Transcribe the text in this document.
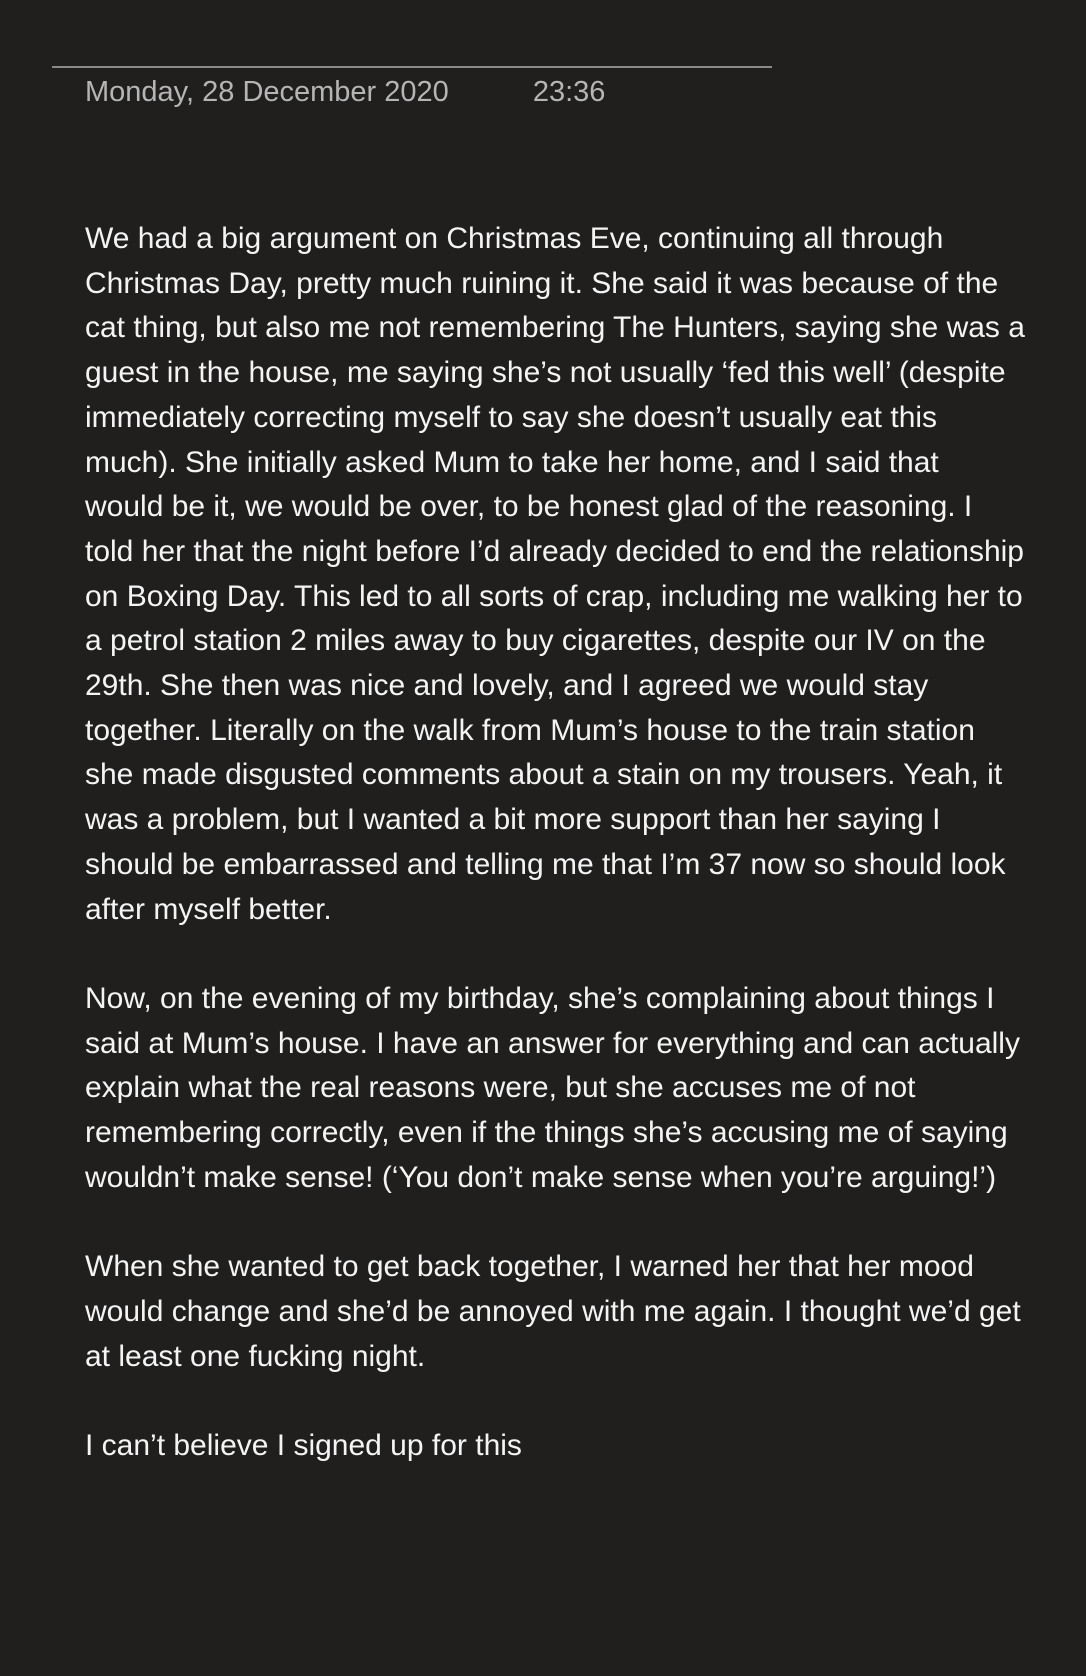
Monday, 28 December 2020	23:36

We had a big argument on Christmas Eve, continuing all through Christmas Day, pretty much ruining it. She said it was because of the cat thing, but also me not remembering The Hunters, saying she was a guest in the house, me saying she’s not usually ‘fed this well’ (despite immediately correcting myself to say she doesn’t usually eat this much). She initially asked Mum to take her home, and I said that would be it, we would be over, to be honest glad of the reasoning. I told her that the night before I’d already decided to end the relationship on Boxing Day. This led to all sorts of crap, including me walking her to a petrol station 2 miles away to buy cigarettes, despite our IV on the 29th. She then was nice and lovely, and I agreed we would stay together. Literally on the walk from Mum’s house to the train station she made disgusted comments about a stain on my trousers. Yeah, it was a problem, but I wanted a bit more support than her saying I should be embarrassed and telling me that I’m 37 now so should look after myself better.

Now, on the evening of my birthday, she’s complaining about things I said at Mum’s house. I have an answer for everything and can actually explain what the real reasons were, but she accuses me of not remembering correctly, even if the things she’s accusing me of saying wouldn’t make sense! (‘You don’t make sense when you’re arguing!’)

When she wanted to get back together, I warned her that her mood would change and she’d be annoyed with me again. I thought we’d get at least one fucking night.

I can’t believe I signed up for this
